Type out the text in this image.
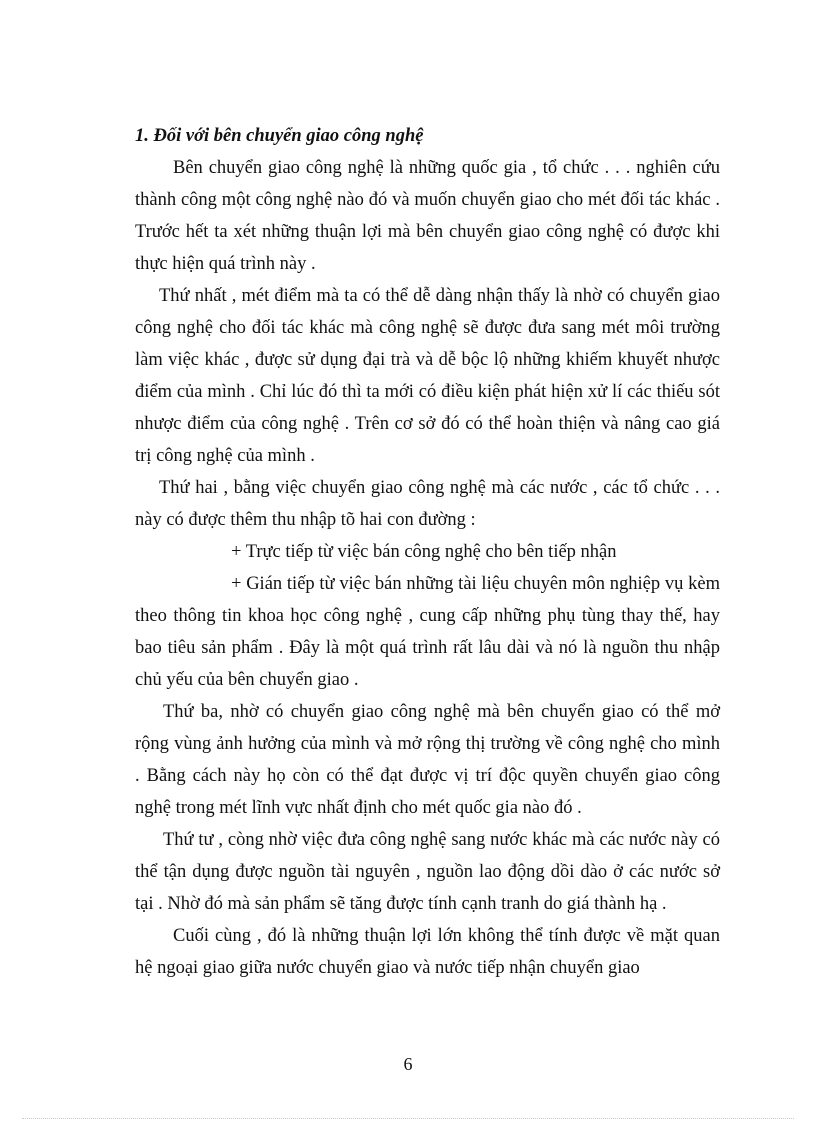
1. Đối với bên chuyển giao công nghệ

Bên chuyển giao công nghệ là những quốc gia , tổ chức . . . nghiên cứu thành công một công nghệ nào đó và muốn chuyển giao cho mét đối tác khác . Trước hết ta xét những thuận lợi mà bên chuyển giao công nghệ có được khi thực hiện quá trình này .

Thứ nhất , mét điểm mà ta có thể dễ dàng nhận thấy là nhờ có chuyển giao công nghệ cho đối tác khác mà công nghệ sẽ được đưa sang mét môi trường làm việc khác , được sử dụng đại trà và dễ bộc lộ những khiếm khuyết nhược điểm của mình . Chỉ lúc đó thì ta mới có điều kiện phát hiện xử lí các thiếu sót nhược điểm của công nghệ . Trên cơ sở đó có thể hoàn thiện và nâng cao giá trị công nghệ của mình .

Thứ hai , bằng việc chuyển giao công nghệ mà các nước , các tổ chức . . . này có được thêm thu nhập tõ hai con đường :

+ Trực tiếp từ việc bán công nghệ cho bên tiếp nhận

+ Gián tiếp từ việc bán những tài liệu chuyên môn nghiệp vụ kèm theo thông tin khoa học công nghệ , cung cấp những phụ tùng thay thế, hay bao tiêu sản phẩm . Đây là một quá trình rất lâu dài và nó là nguồn thu nhập chủ yếu của bên chuyển giao .

Thứ ba, nhờ có chuyển giao công nghệ mà bên chuyển giao có thể mở rộng vùng ảnh hưởng của mình và mở rộng thị trường về công nghệ cho mình . Bằng cách này họ còn có thể đạt được vị trí độc quyền chuyển giao công nghệ trong mét lĩnh vực nhất định cho mét quốc gia nào đó .

Thứ tư , còng nhờ việc đưa công nghệ sang nước khác mà các nước này có thể tận dụng được nguồn tài nguyên , nguồn lao động dồi dào ở các nước sở tại . Nhờ đó mà sản phẩm sẽ tăng được tính cạnh tranh do giá thành hạ .

Cuối cùng , đó là những thuận lợi lớn không thể tính được về mặt quan hệ ngoại giao giữa nước chuyển giao và nước tiếp nhận chuyển giao

6
